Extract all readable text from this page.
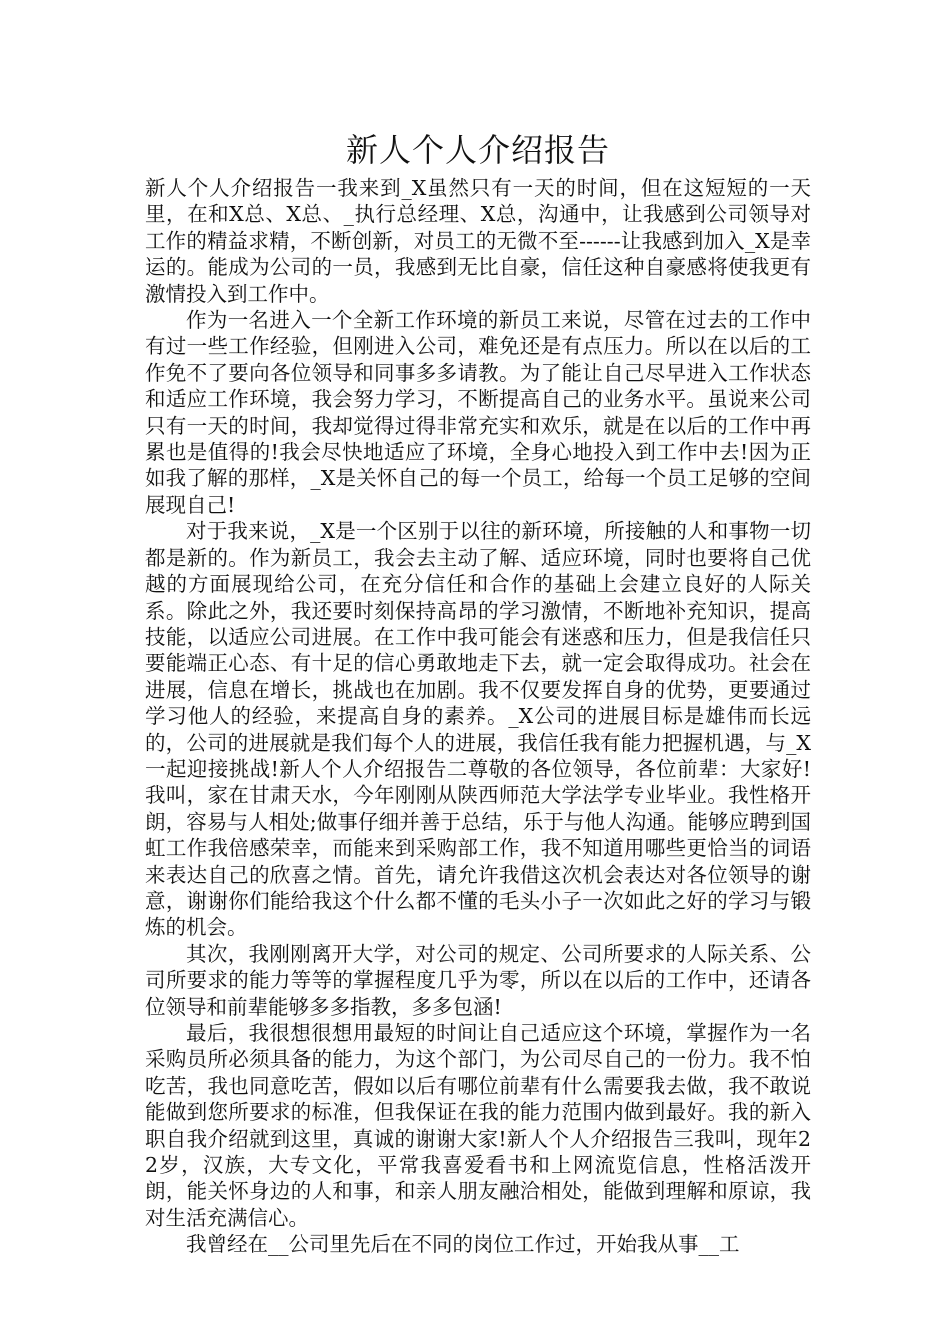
新人个人介绍报告

新人个人介绍报告一我来到_X虽然只有一天的时间，但在这短短的一天里，在和X总、X总、_执行总经理、X总，沟通中，让我感到公司领导对工作的精益求精，不断创新，对员工的无微不至------让我感到加入_X是幸运的。能成为公司的一员，我感到无比自豪，信任这种自豪感将使我更有激情投入到工作中。

作为一名进入一个全新工作环境的新员工来说，尽管在过去的工作中有过一些工作经验，但刚进入公司，难免还是有点压力。所以在以后的工作免不了要向各位领导和同事多多请教。为了能让自己尽早进入工作状态和适应工作环境，我会努力学习，不断提高自己的业务水平。虽说来公司只有一天的时间，我却觉得过得非常充实和欢乐，就是在以后的工作中再累也是值得的!我会尽快地适应了环境，全身心地投入到工作中去!因为正如我了解的那样，_X是关怀自己的每一个员工，给每一个员工足够的空间展现自己!

对于我来说，_X是一个区别于以往的新环境，所接触的人和事物一切都是新的。作为新员工，我会去主动了解、适应环境，同时也要将自己优越的方面展现给公司，在充分信任和合作的基础上会建立良好的人际关系。除此之外，我还要时刻保持高昂的学习激情，不断地补充知识，提高技能，以适应公司进展。在工作中我可能会有迷惑和压力，但是我信任只要能端正心态、有十足的信心勇敢地走下去，就一定会取得成功。社会在进展，信息在增长，挑战也在加剧。我不仅要发挥自身的优势，更要通过学习他人的经验，来提高自身的素养。_X公司的进展目标是雄伟而长远的，公司的进展就是我们每个人的进展，我信任我有能力把握机遇，与_X一起迎接挑战!新人个人介绍报告二尊敬的各位领导，各位前辈：大家好!我叫，家在甘肃天水，今年刚刚从陕西师范大学法学专业毕业。我性格开朗，容易与人相处;做事仔细并善于总结，乐于与他人沟通。能够应聘到国虹工作我倍感荣幸，而能来到采购部工作，我不知道用哪些更恰当的词语来表达自己的欣喜之情。首先，请允许我借这次机会表达对各位领导的谢意，谢谢你们能给我这个什么都不懂的毛头小子一次如此之好的学习与锻炼的机会。

其次，我刚刚离开大学，对公司的规定、公司所要求的人际关系、公司所要求的能力等等的掌握程度几乎为零，所以在以后的工作中，还请各位领导和前辈能够多多指教，多多包涵!

最后，我很想很想用最短的时间让自己适应这个环境，掌握作为一名采购员所必须具备的能力，为这个部门，为公司尽自己的一份力。我不怕吃苦，我也同意吃苦，假如以后有哪位前辈有什么需要我去做，我不敢说能做到您所要求的标准，但我保证在我的能力范围内做到最好。我的新入职自我介绍就到这里，真诚的谢谢大家!新人个人介绍报告三我叫，现年22岁，汉族，大专文化，平常我喜爱看书和上网流览信息，性格活泼开朗，能关怀身边的人和事，和亲人朋友融洽相处，能做到理解和原谅，我对生活充满信心。

我曾经在__公司里先后在不同的岗位工作过，开始我从事__工
